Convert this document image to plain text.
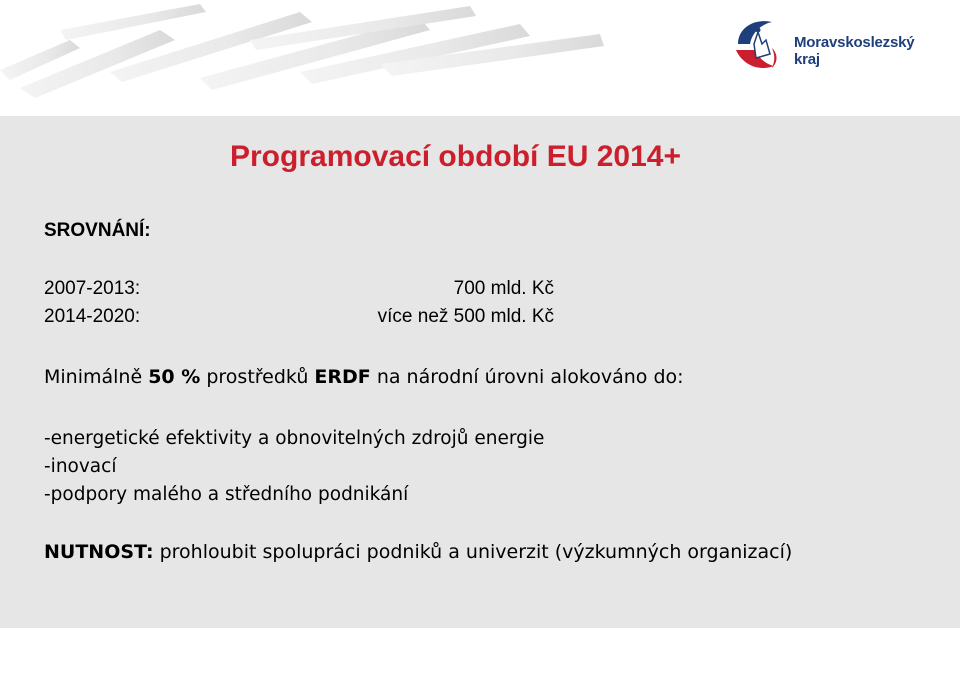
Moravskoslezský
kraj
Programovací období EU 2014+
SROVNÁNÍ:
2007-2013:	700 mld. Kč
2014-2020:	více než 500 mld. Kč
Minimálně 50 % prostředků ERDF na národní úrovni alokováno do:
-energetické efektivity a obnovitelných zdrojů energie
-inovací
-podpory malého a středního podnikání
NUTNOST: prohloubit spolupráci podniků a univerzit (výzkumných organizací)
